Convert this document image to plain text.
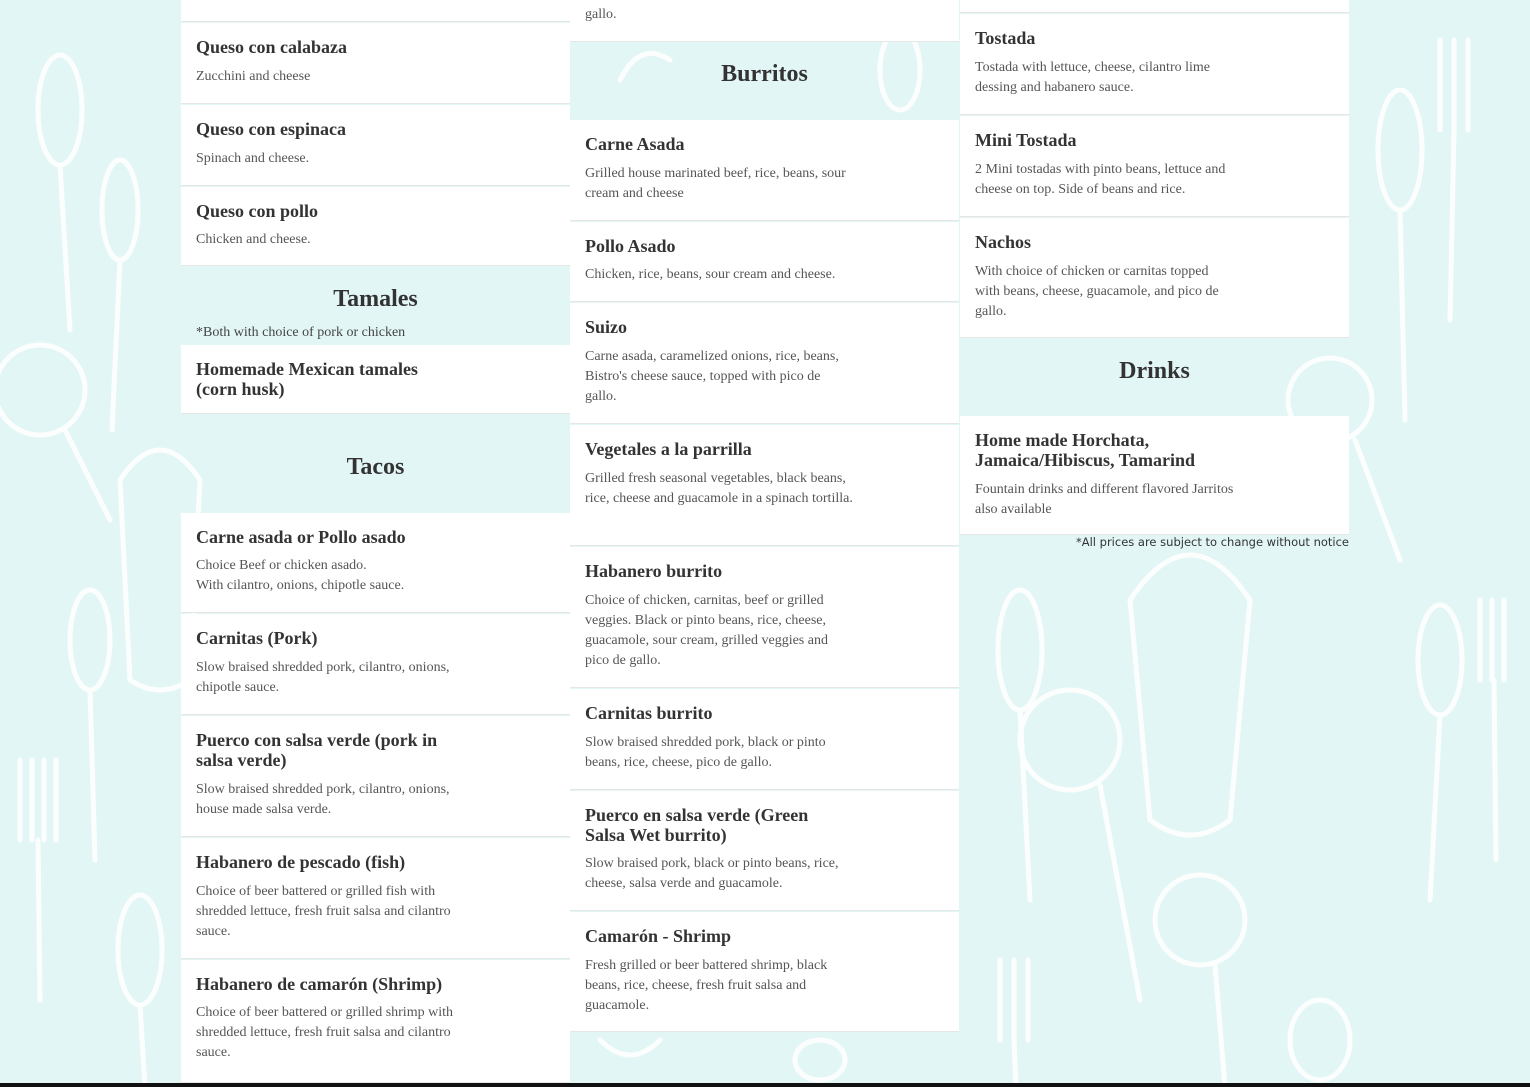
Queso con calabaza
Zucchini and cheese
Queso con espinaca
Spinach and cheese.
Queso con pollo
Chicken and cheese.
Tamales
*Both with choice of pork or chicken
Homemade Mexican tamales (corn husk)
Tacos
Carne asada or Pollo asado
Choice Beef or chicken asado.
With cilantro, onions, chipotle sauce.
Carnitas (Pork)
Slow braised shredded pork, cilantro, onions, chipotle sauce.
Puerco con salsa verde (pork in salsa verde)
Slow braised shredded pork, cilantro, onions, house made salsa verde.
Habanero de pescado (fish)
Choice of beer battered or grilled fish with shredded lettuce, fresh fruit salsa and cilantro sauce.
Habanero de camarón (Shrimp)
Choice of beer battered or grilled shrimp with shredded lettuce, fresh fruit salsa and cilantro sauce.
gallo.
Burritos
Carne Asada
Grilled house marinated beef, rice, beans, sour cream and cheese
Pollo Asado
Chicken, rice, beans, sour cream and cheese.
Suizo
Carne asada, caramelized onions, rice, beans, Bistro's cheese sauce, topped with pico de gallo.
Vegetales a la parrilla
Grilled fresh seasonal vegetables, black beans, rice, cheese and guacamole in a spinach tortilla.
Habanero burrito
Choice of chicken, carnitas, beef or grilled veggies. Black or pinto beans, rice, cheese, guacamole, sour cream, grilled veggies and pico de gallo.
Carnitas burrito
Slow braised shredded pork, black or pinto beans, rice, cheese, pico de gallo.
Puerco en salsa verde (Green Salsa Wet burrito)
Slow braised pork, black or pinto beans, rice, cheese, salsa verde and guacamole.
Camarón - Shrimp
Fresh grilled or beer battered shrimp, black beans, rice, cheese, fresh fruit salsa and guacamole.
Tostada
Tostada with lettuce, cheese, cilantro lime dessing and habanero sauce.
Mini Tostada
2 Mini tostadas with pinto beans, lettuce and cheese on top. Side of beans and rice.
Nachos
With choice of chicken or carnitas topped with beans, cheese, guacamole, and pico de gallo.
Drinks
Home made Horchata, Jamaica/Hibiscus, Tamarind
Fountain drinks and different flavored Jarritos also available
*All prices are subject to change without notice
